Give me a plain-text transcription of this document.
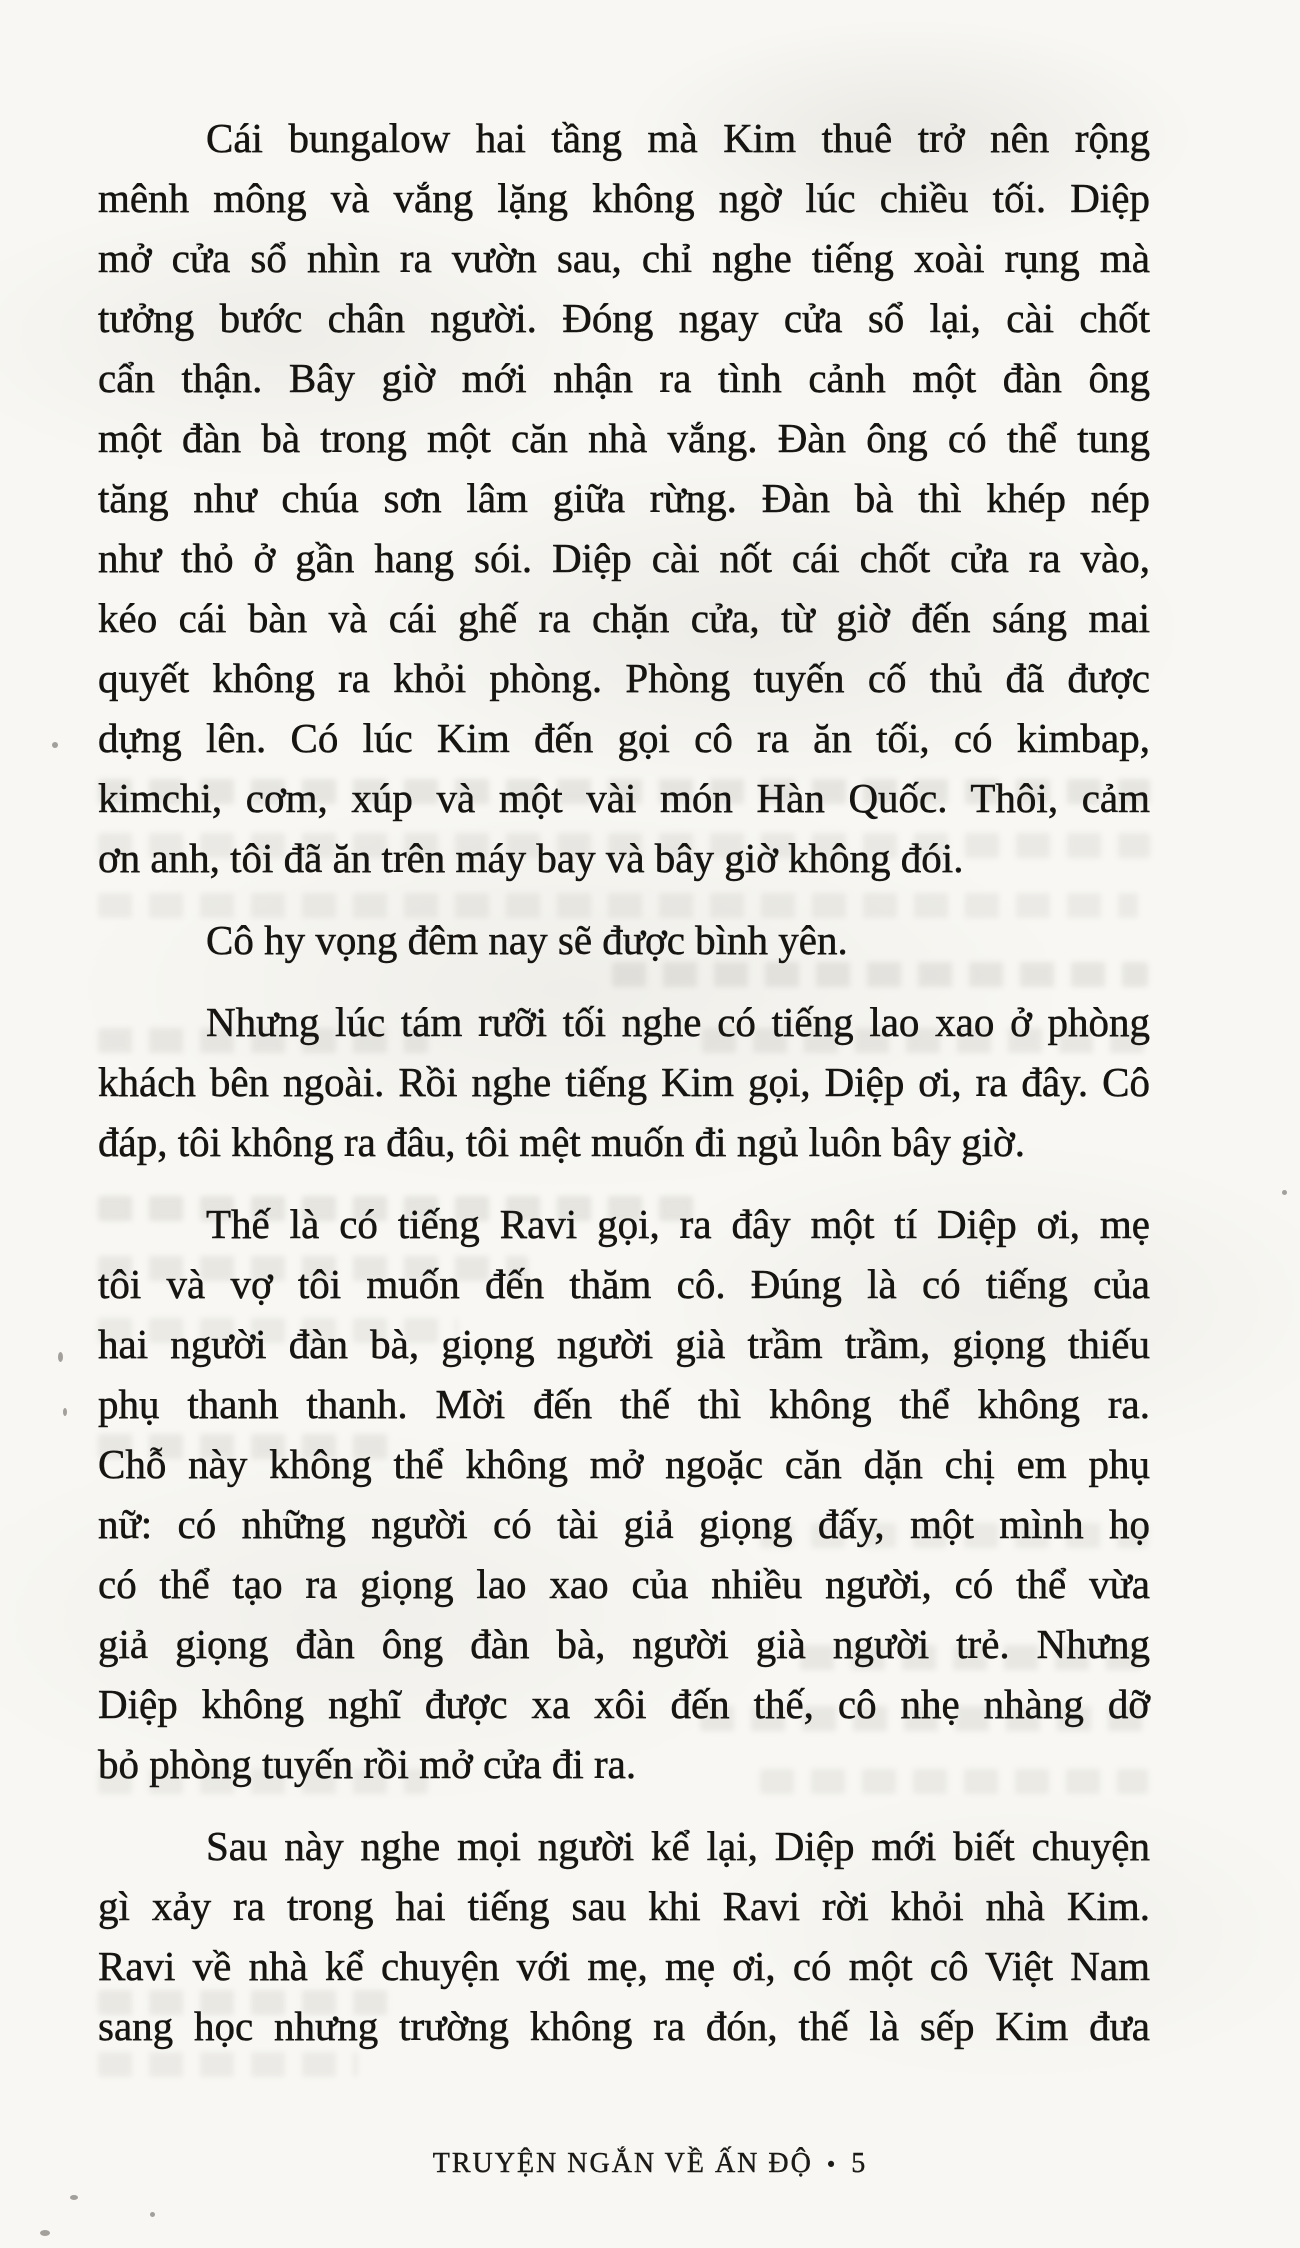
Cái bungalow hai tầng mà Kim thuê trở nên rộng
mênh mông và vắng lặng không ngờ lúc chiều tối. Diệp
mở cửa sổ nhìn ra vườn sau, chỉ nghe tiếng xoài rụng mà
tưởng bước chân người. Đóng ngay cửa sổ lại, cài chốt
cẩn thận. Bây giờ mới nhận ra tình cảnh một đàn ông
một đàn bà trong một căn nhà vắng. Đàn ông có thể tung
tăng như chúa sơn lâm giữa rừng. Đàn bà thì khép nép
như thỏ ở gần hang sói. Diệp cài nốt cái chốt cửa ra vào,
kéo cái bàn và cái ghế ra chặn cửa, từ giờ đến sáng mai
quyết không ra khỏi phòng. Phòng tuyến cố thủ đã được
dựng lên. Có lúc Kim đến gọi cô ra ăn tối, có kimbap,
kimchi, cơm, xúp và một vài món Hàn Quốc. Thôi, cảm
ơn anh, tôi đã ăn trên máy bay và bây giờ không đói.
Cô hy vọng đêm nay sẽ được bình yên.
Nhưng lúc tám rưỡi tối nghe có tiếng lao xao ở phòng
khách bên ngoài. Rồi nghe tiếng Kim gọi, Diệp ơi, ra đây. Cô
đáp, tôi không ra đâu, tôi mệt muốn đi ngủ luôn bây giờ.
Thế là có tiếng Ravi gọi, ra đây một tí Diệp ơi, mẹ
tôi và vợ tôi muốn đến thăm cô. Đúng là có tiếng của
hai người đàn bà, giọng người già trầm trầm, giọng thiếu
phụ thanh thanh. Mời đến thế thì không thể không ra.
Chỗ này không thể không mở ngoặc căn dặn chị em phụ
nữ: có những người có tài giả giọng đấy, một mình họ
có thể tạo ra giọng lao xao của nhiều người, có thể vừa
giả giọng đàn ông đàn bà, người già người trẻ. Nhưng
Diệp không nghĩ được xa xôi đến thế, cô nhẹ nhàng dỡ
bỏ phòng tuyến rồi mở cửa đi ra.
Sau này nghe mọi người kể lại, Diệp mới biết chuyện
gì xảy ra trong hai tiếng sau khi Ravi rời khỏi nhà Kim.
Ravi về nhà kể chuyện với mẹ, mẹ ơi, có một cô Việt Nam
sang học nhưng trường không ra đón, thế là sếp Kim đưa
TRUYỆN NGẮN VỀ ẤN ĐỘ • 5
